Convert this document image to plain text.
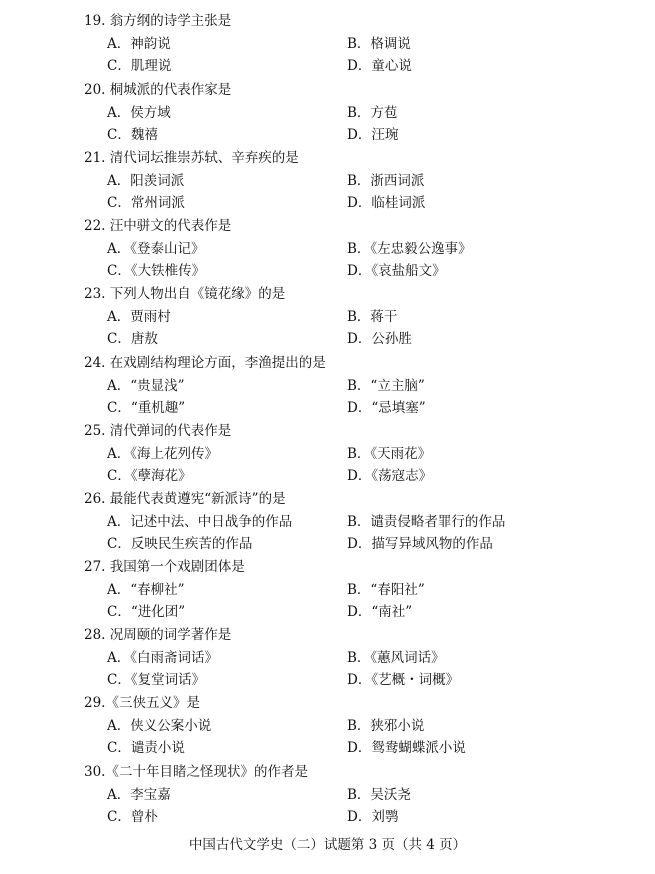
19. 翁方纲的诗学主张是
A．神韵说	B．格调说
C．肌理说	D．童心说
20. 桐城派的代表作家是
A．侯方域	B．方苞
C．魏禧	D．汪琬
21. 清代词坛推崇苏轼、辛弃疾的是
A．阳羡词派	B．浙西词派
C．常州词派	D．临桂词派
22. 汪中骈文的代表作是
A．《登泰山记》	B．《左忠毅公逸事》
C．《大铁椎传》	D．《哀盐船文》
23. 下列人物出自《镜花缘》的是
A．贾雨村	B．蒋干
C．唐敖	D．公孙胜
24. 在戏剧结构理论方面，李渔提出的是
A．“贵显浅”	B．“立主脑”
C．“重机趣”	D．“忌填塞”
25. 清代弹词的代表作是
A．《海上花列传》	B．《天雨花》
C．《孽海花》	D．《荡寇志》
26. 最能代表黄遵宪“新派诗”的是
A．记述中法、中日战争的作品	B．谴责侵略者罪行的作品
C．反映民生疾苦的作品	D．描写异域风物的作品
27. 我国第一个戏剧团体是
A．“春柳社”	B．“春阳社”
C．“进化团”	D．“南社”
28. 况周颐的词学著作是
A．《白雨斋词话》	B．《蕙风词话》
C．《复堂词话》	D．《艺概・词概》
29.《三侠五义》是
A．侠义公案小说	B．狭邪小说
C．谴责小说	D．鸳鸯蝴蝶派小说
30.《二十年目睹之怪现状》的作者是
A．李宝嘉	B．吴沃尧
C．曾朴	D．刘鹗
中国古代文学史（二）试题第 3 页（共 4 页）
